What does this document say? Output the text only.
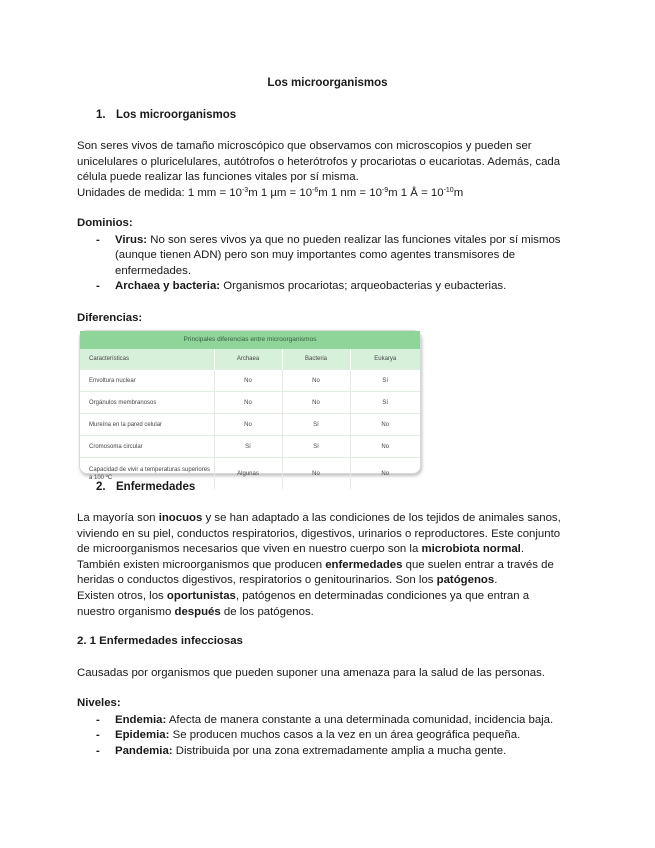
Los microorganismos
1. Los microorganismos
Son seres vivos de tamaño microscópico que observamos con microscopios y pueden ser
unicelulares o pluricelulares, autótrofos o heterótrofos y procariotas o eucariotas. Además, cada
célula puede realizar las funciones vitales por sí misma.
Unidades de medida: 1 mm = $10^{-3}m$ 1 $\mu m = 10^{-6}m$ 1 nm = $10^{-9}m$ 1 Å = $10^{-10}m$
Dominios:
- Virus: No son seres vivos ya que no pueden realizar las funciones vitales por sí mismos
(aunque tienen ADN) pero son muy importantes como agentes transmisores de
enfermedades.
- Archaea y bacteria: Organismos procariotas; arqueobacterias y eubacterias.
Diferencias:
Principales diferencias entre microorganismos
Características	Archaea	Bacteria	Eukarya
Envoltura nuclear	No	No	Sí
Orgánulos membranosos	No	No	Sí
Mureína en la pared celular	No	Sí	No
Cromosoma circular	Sí	Sí	No
Capacidad de vivir a temperaturas superiores a 100 ºC	Algunas	No	No
2. Enfermedades
La mayoría son inocuos y se han adaptado a las condiciones de los tejidos de animales sanos,
viviendo en su piel, conductos respiratorios, digestivos, urinarios o reproductores. Este conjunto
de microorganismos necesarios que viven en nuestro cuerpo son la microbiota normal.
También existen microorganismos que producen enfermedades que suelen entrar a través de
heridas o conductos digestivos, respiratorios o genitourinarios. Son los patógenos.
Existen otros, los oportunistas, patógenos en determinadas condiciones ya que entran a
nuestro organismo después de los patógenos.
2. 1 Enfermedades infecciosas
Causadas por organismos que pueden suponer una amenaza para la salud de las personas.
Niveles:
- Endemia: Afecta de manera constante a una determinada comunidad, incidencia baja.
- Epidemia: Se producen muchos casos a la vez en un área geográfica pequeña.
- Pandemia: Distribuida por una zona extremadamente amplia a mucha gente.
